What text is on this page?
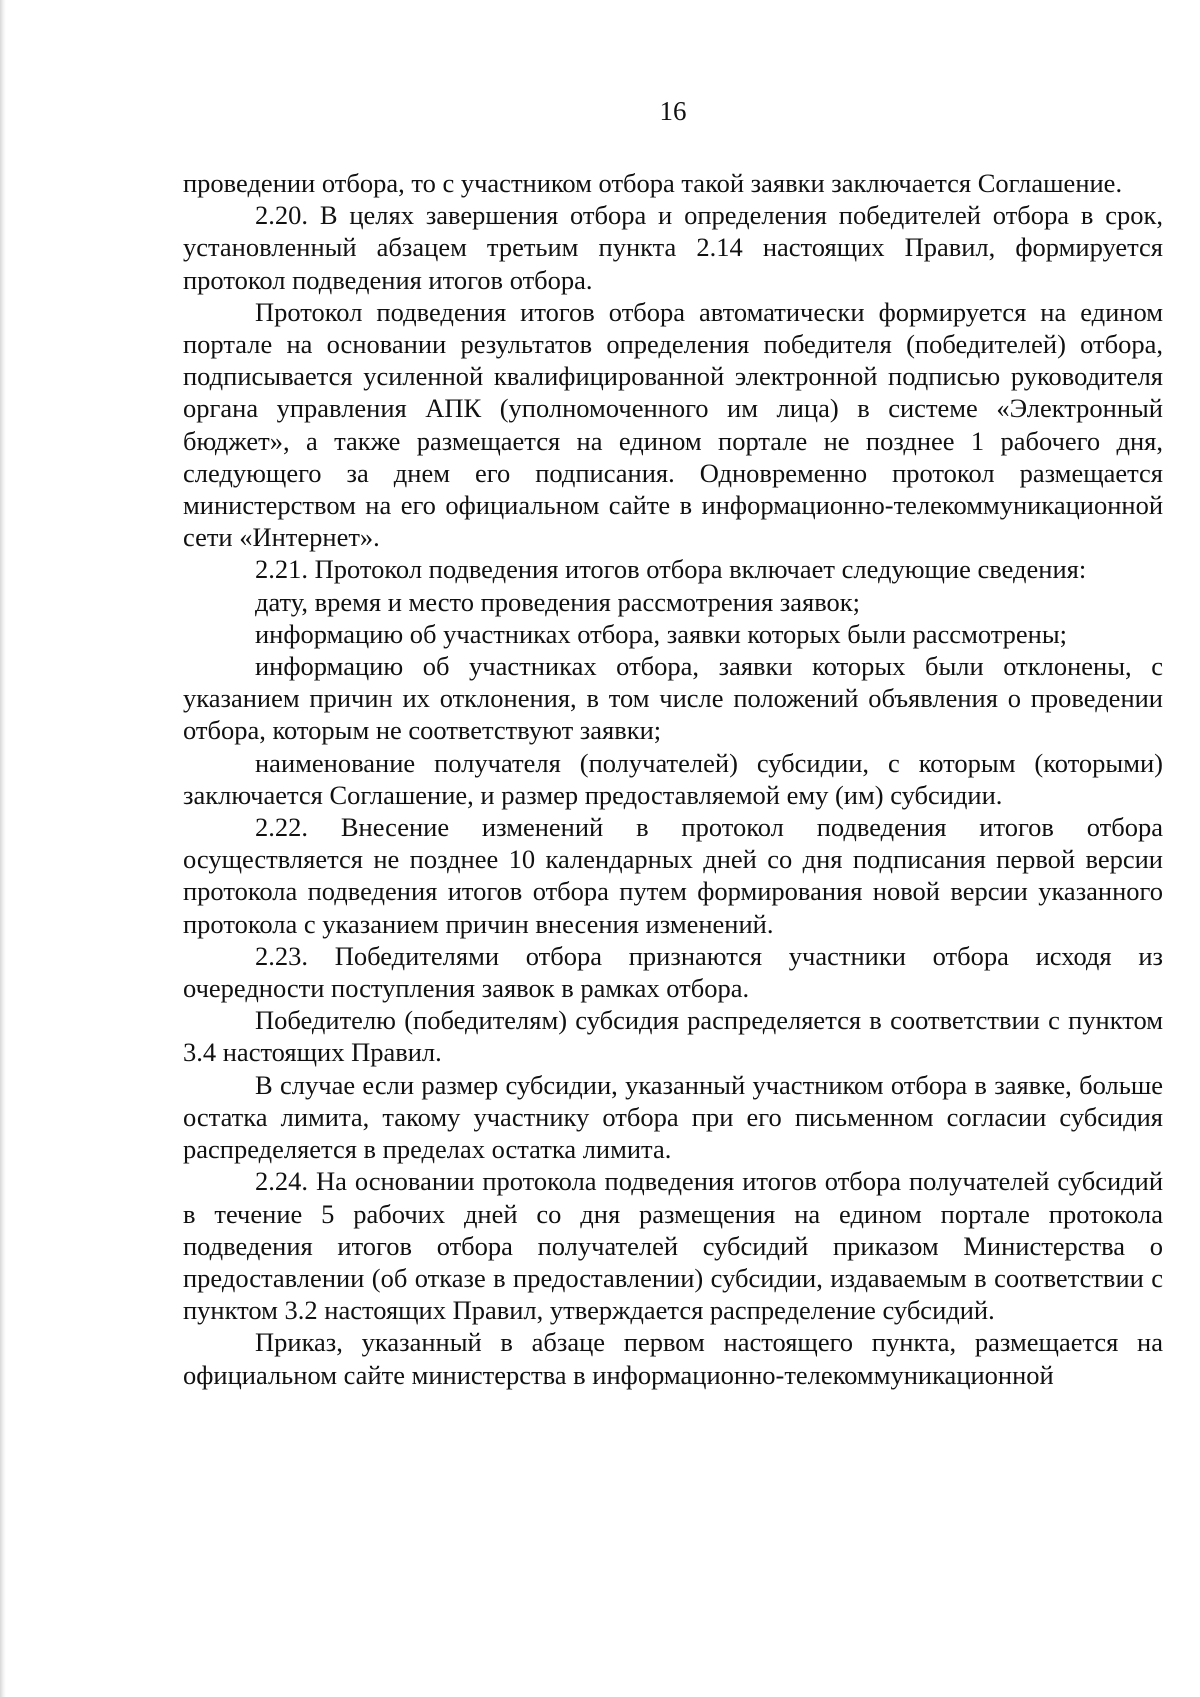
16

проведении отбора, то с участником отбора такой заявки заключается Соглашение.

2.20. В целях завершения отбора и определения победителей отбора в срок, установленный абзацем третьим пункта 2.14 настоящих Правил, формируется протокол подведения итогов отбора.

Протокол подведения итогов отбора автоматически формируется на едином портале на основании результатов определения победителя (победителей) отбора, подписывается усиленной квалифицированной электронной подписью руководителя органа управления АПК (уполномоченного им лица) в системе «Электронный бюджет», а также размещается на едином портале не позднее 1 рабочего дня, следующего за днем его подписания. Одновременно протокол размещается министерством на его официальном сайте в информационно-телекоммуникационной сети «Интернет».

2.21. Протокол подведения итогов отбора включает следующие сведения:

дату, время и место проведения рассмотрения заявок;

информацию об участниках отбора, заявки которых были рассмотрены;

информацию об участниках отбора, заявки которых были отклонены, с указанием причин их отклонения, в том числе положений объявления о проведении отбора, которым не соответствуют заявки;

наименование получателя (получателей) субсидии, с которым (которыми) заключается Соглашение, и размер предоставляемой ему (им) субсидии.

2.22. Внесение изменений в протокол подведения итогов отбора осуществляется не позднее 10 календарных дней со дня подписания первой версии протокола подведения итогов отбора путем формирования новой версии указанного протокола с указанием причин внесения изменений.

2.23. Победителями отбора признаются участники отбора исходя из очередности поступления заявок в рамках отбора.

Победителю (победителям) субсидия распределяется в соответствии с пунктом 3.4 настоящих Правил.

В случае если размер субсидии, указанный участником отбора в заявке, больше остатка лимита, такому участнику отбора при его письменном согласии субсидия распределяется в пределах остатка лимита.

2.24. На основании протокола подведения итогов отбора получателей субсидий в течение 5 рабочих дней со дня размещения на едином портале протокола подведения итогов отбора получателей субсидий приказом Министерства о предоставлении (об отказе в предоставлении) субсидии, издаваемым в соответствии с пунктом 3.2 настоящих Правил, утверждается распределение субсидий.

Приказ, указанный в абзаце первом настоящего пункта, размещается на официальном сайте министерства в информационно-телекоммуникационной
